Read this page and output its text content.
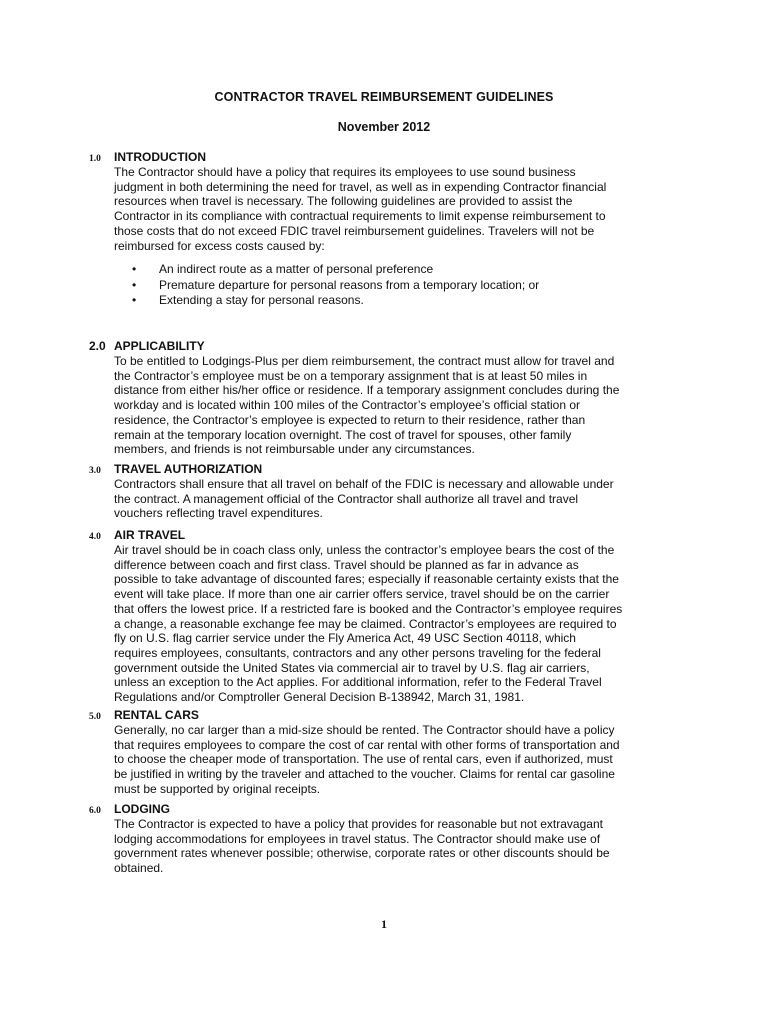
CONTRACTOR TRAVEL REIMBURSEMENT GUIDELINES
November 2012
1.0	INTRODUCTION
The Contractor should have a policy that requires its employees to use sound business
judgment in both determining the need for travel, as well as in expending Contractor financial
resources when travel is necessary. The following guidelines are provided to assist the
Contractor in its compliance with contractual requirements to limit expense reimbursement to
those costs that do not exceed FDIC travel reimbursement guidelines. Travelers will not be
reimbursed for excess costs caused by:
• An indirect route as a matter of personal preference
• Premature departure for personal reasons from a temporary location; or
• Extending a stay for personal reasons.
2.0 APPLICABILITY
To be entitled to Lodgings-Plus per diem reimbursement, the contract must allow for travel and
the Contractor’s employee must be on a temporary assignment that is at least 50 miles in
distance from either his/her office or residence. If a temporary assignment concludes during the
workday and is located within 100 miles of the Contractor’s employee’s official station or
residence, the Contractor’s employee is expected to return to their residence, rather than
remain at the temporary location overnight. The cost of travel for spouses, other family
members, and friends is not reimbursable under any circumstances.
3.0	TRAVEL AUTHORIZATION
Contractors shall ensure that all travel on behalf of the FDIC is necessary and allowable under
the contract. A management official of the Contractor shall authorize all travel and travel
vouchers reflecting travel expenditures.
4.0	AIR TRAVEL
Air travel should be in coach class only, unless the contractor’s employee bears the cost of the
difference between coach and first class. Travel should be planned as far in advance as
possible to take advantage of discounted fares; especially if reasonable certainty exists that the
event will take place. If more than one air carrier offers service, travel should be on the carrier
that offers the lowest price. If a restricted fare is booked and the Contractor’s employee requires
a change, a reasonable exchange fee may be claimed. Contractor’s employees are required to
fly on U.S. flag carrier service under the Fly America Act, 49 USC Section 40118, which
requires employees, consultants, contractors and any other persons traveling for the federal
government outside the United States via commercial air to travel by U.S. flag air carriers,
unless an exception to the Act applies. For additional information, refer to the Federal Travel
Regulations and/or Comptroller General Decision B-138942, March 31, 1981.
5.0	RENTAL CARS
Generally, no car larger than a mid-size should be rented. The Contractor should have a policy
that requires employees to compare the cost of car rental with other forms of transportation and
to choose the cheaper mode of transportation. The use of rental cars, even if authorized, must
be justified in writing by the traveler and attached to the voucher. Claims for rental car gasoline
must be supported by original receipts.
6.0	LODGING
The Contractor is expected to have a policy that provides for reasonable but not extravagant
lodging accommodations for employees in travel status. The Contractor should make use of
government rates whenever possible; otherwise, corporate rates or other discounts should be
obtained.
1
